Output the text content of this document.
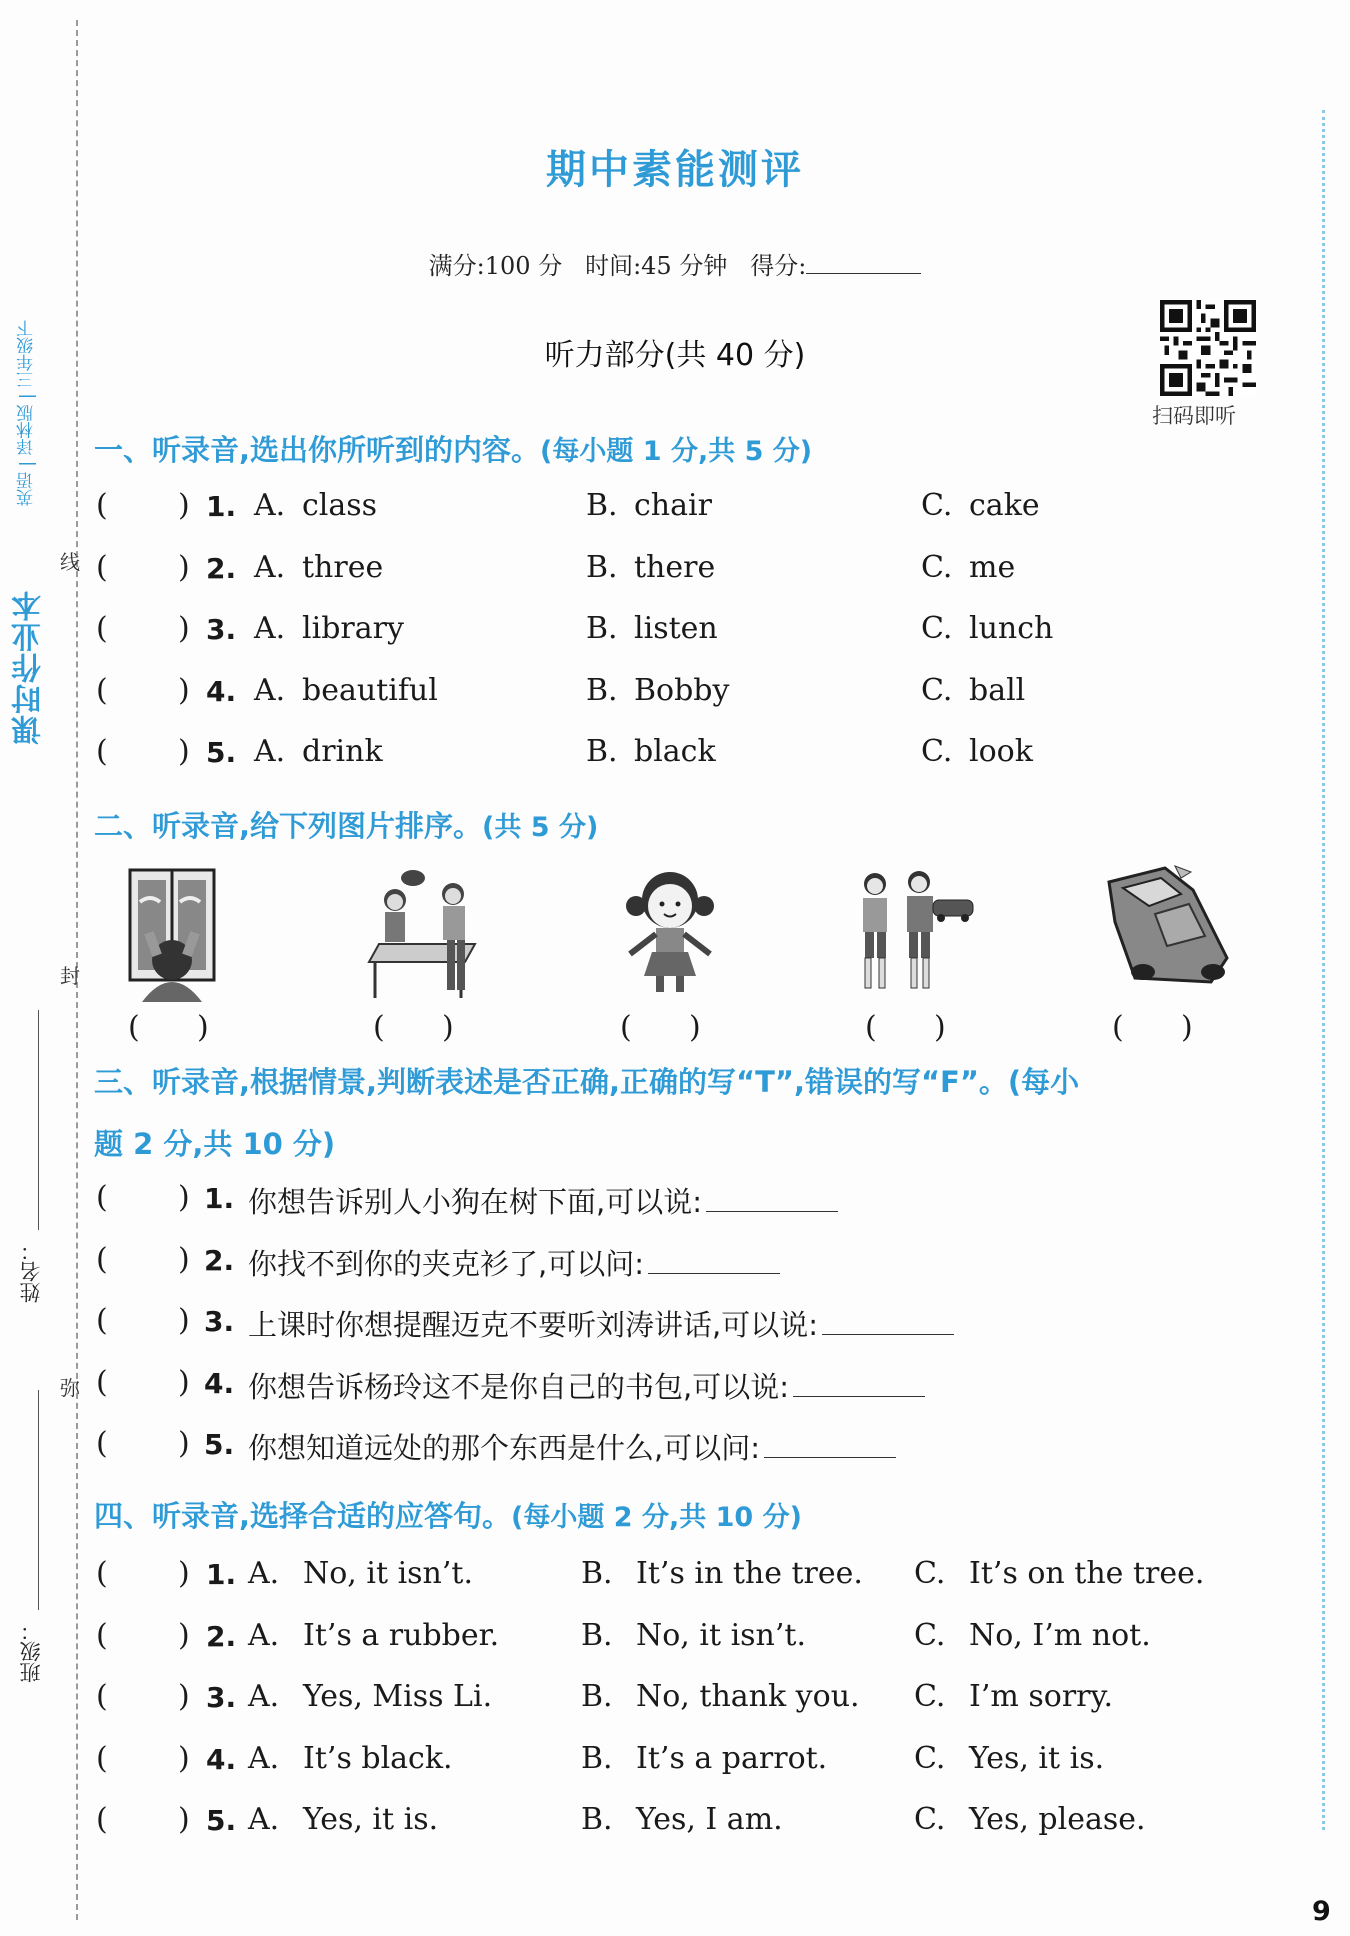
课时作业本
英语 | 译林版 | 三年级下
线
封
弥
姓名：
班级：
期中素能测评
满分:100 分   时间:45 分钟   得分:
听力部分(共 40 分)
扫码即听
一、听录音,选出你所听到的内容。(每小题 1 分,共 5 分)
( ) 1. A. class	B. chair	C. cake
( ) 2. A. three	B. there	C. me
( ) 3. A. library	B. listen	C. lunch
( ) 4. A. beautiful	B. Bobby	C. ball
( ) 5. A. drink	B. black	C. look
二、听录音,给下列图片排序。(共 5 分)
( )	( )	( )	( )	( )
三、听录音,根据情景,判断表述是否正确,正确的写“T”,错误的写“F”。(每小
题 2 分,共 10 分)
( ) 1. 你想告诉别人小狗在树下面,可以说:
( ) 2. 你找不到你的夹克衫了,可以问:
( ) 3. 上课时你想提醒迈克不要听刘涛讲话,可以说:
( ) 4. 你想告诉杨玲这不是你自己的书包,可以说:
( ) 5. 你想知道远处的那个东西是什么,可以问:
四、听录音,选择合适的应答句。(每小题 2 分,共 10 分)
( ) 1. A. No, it isn’t.	B. It’s in the tree. C. It’s on the tree.
( ) 2. A. It’s a rubber.	B. No, it isn’t.	C. No, I’m not.
( ) 3. A. Yes, Miss Li.	B. No, thank you. C. I’m sorry.
( ) 4. A. It’s black.	B. It’s a parrot.	C. Yes, it is.
( ) 5. A. Yes, it is.	B. Yes, I am.	C. Yes, please.
9
